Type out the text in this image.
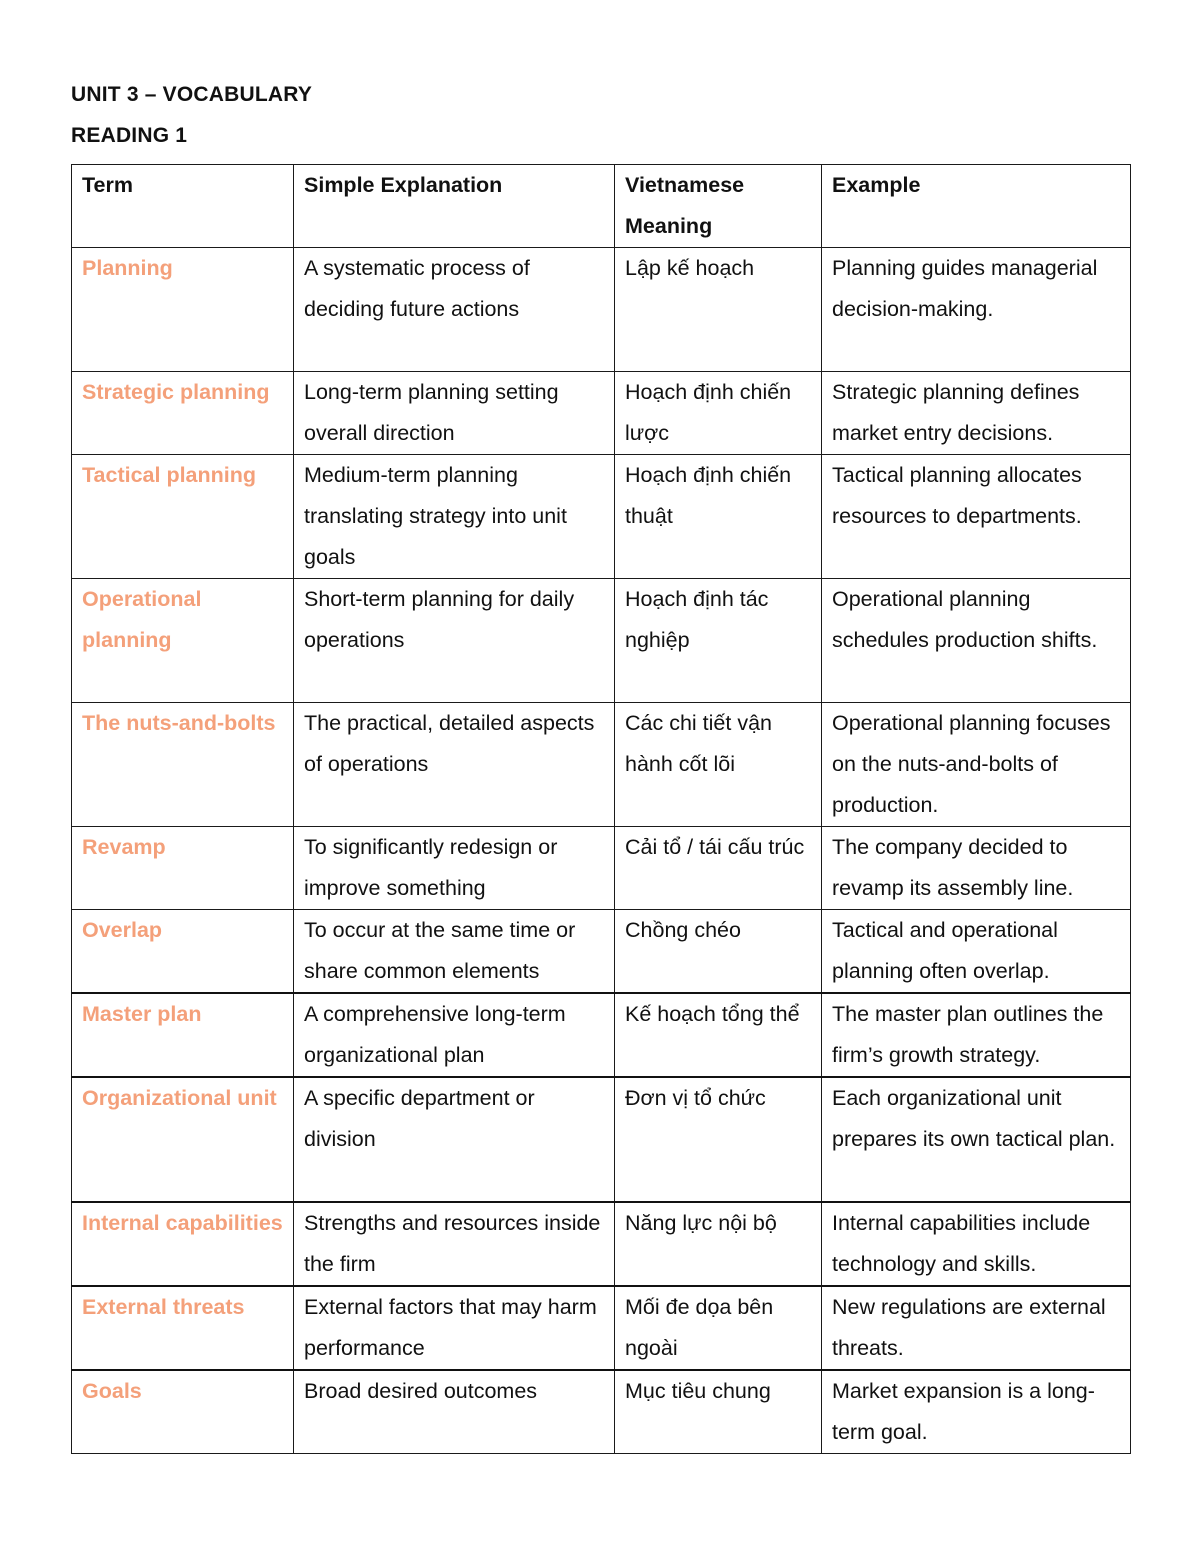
UNIT 3 – VOCABULARY
READING 1
Term	Simple Explanation	Vietnamese Meaning	Example
Planning	A systematic process of deciding future actions	Lập kế hoạch	Planning guides managerial decision-making.
Strategic planning	Long-term planning setting overall direction	Hoạch định chiến lược	Strategic planning defines market entry decisions.
Tactical planning	Medium-term planning translating strategy into unit goals	Hoạch định chiến thuật	Tactical planning allocates resources to departments.
Operational planning	Short-term planning for daily operations	Hoạch định tác nghiệp	Operational planning schedules production shifts.
The nuts-and-bolts	The practical, detailed aspects of operations	Các chi tiết vận hành cốt lõi	Operational planning focuses on the nuts-and-bolts of production.
Revamp	To significantly redesign or improve something	Cải tổ / tái cấu trúc	The company decided to revamp its assembly line.
Overlap	To occur at the same time or share common elements	Chồng chéo	Tactical and operational planning often overlap.
Master plan	A comprehensive long-term organizational plan	Kế hoạch tổng thể	The master plan outlines the firm’s growth strategy.
Organizational unit	A specific department or division	Đơn vị tổ chức	Each organizational unit prepares its own tactical plan.
Internal capabilities	Strengths and resources inside the firm	Năng lực nội bộ	Internal capabilities include technology and skills.
External threats	External factors that may harm performance	Mối đe dọa bên ngoài	New regulations are external threats.
Goals	Broad desired outcomes	Mục tiêu chung	Market expansion is a long-term goal.
